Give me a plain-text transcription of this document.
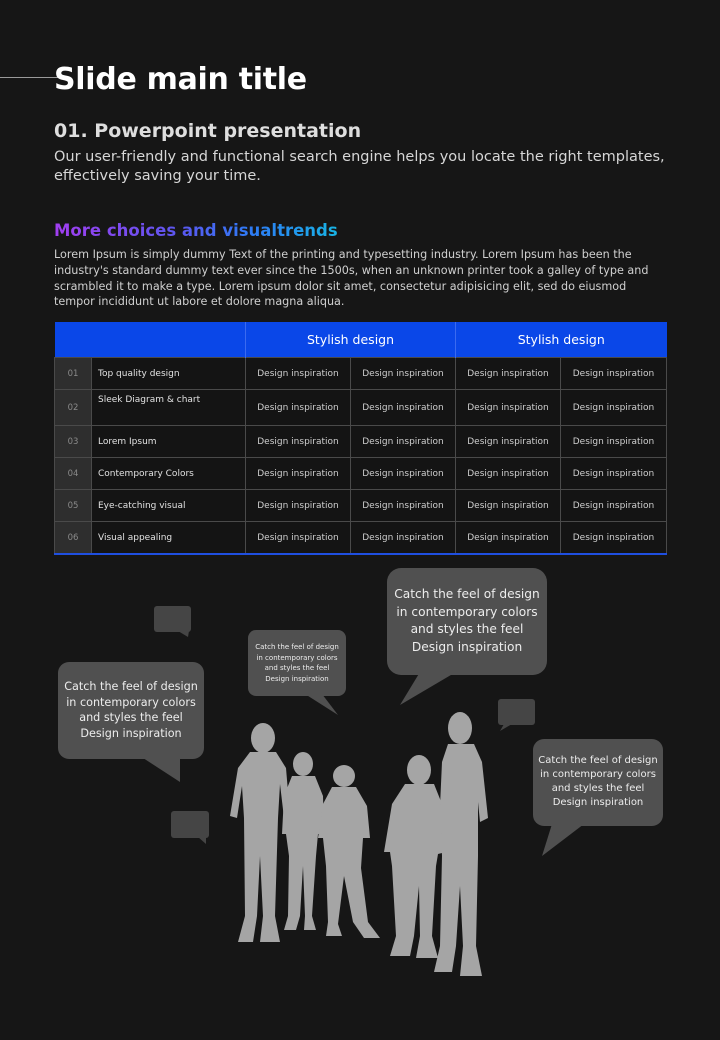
Slide main title
01. Powerpoint presentation

Our user-friendly and functional search engine helps you locate the right templates, effectively saving your time.

More choices and visualtrends

Lorem Ipsum is simply dummy Text of the printing and typesetting industry. Lorem Ipsum has been the industry's standard dummy text ever since the 1500s, when an unknown printer took a galley of type and scrambled it to make a type. Lorem ipsum dolor sit amet, consectetur adipisicing elit, sed do eiusmod tempor incididunt ut labore et dolore magna aliqua.

		Stylish design		Stylish design	
01	Top quality design	Design inspiration	Design inspiration	Design inspiration	Design inspiration
02	Sleek Diagram & chart	Design inspiration	Design inspiration	Design inspiration	Design inspiration
03	Lorem Ipsum	Design inspiration	Design inspiration	Design inspiration	Design inspiration
04	Contemporary Colors	Design inspiration	Design inspiration	Design inspiration	Design inspiration
05	Eye-catching visual	Design inspiration	Design inspiration	Design inspiration	Design inspiration
06	Visual appealing	Design inspiration	Design inspiration	Design inspiration	Design inspiration
Catch the feel of design
in contemporary colors
and styles the feel
Design inspiration
Catch the feel of design
in contemporary colors
and styles the feel
Design inspiration
Catch the feel of design
in contemporary colors
and styles the feel
Design inspiration
Catch the feel of design
in contemporary colors
and styles the feel
Design inspiration
